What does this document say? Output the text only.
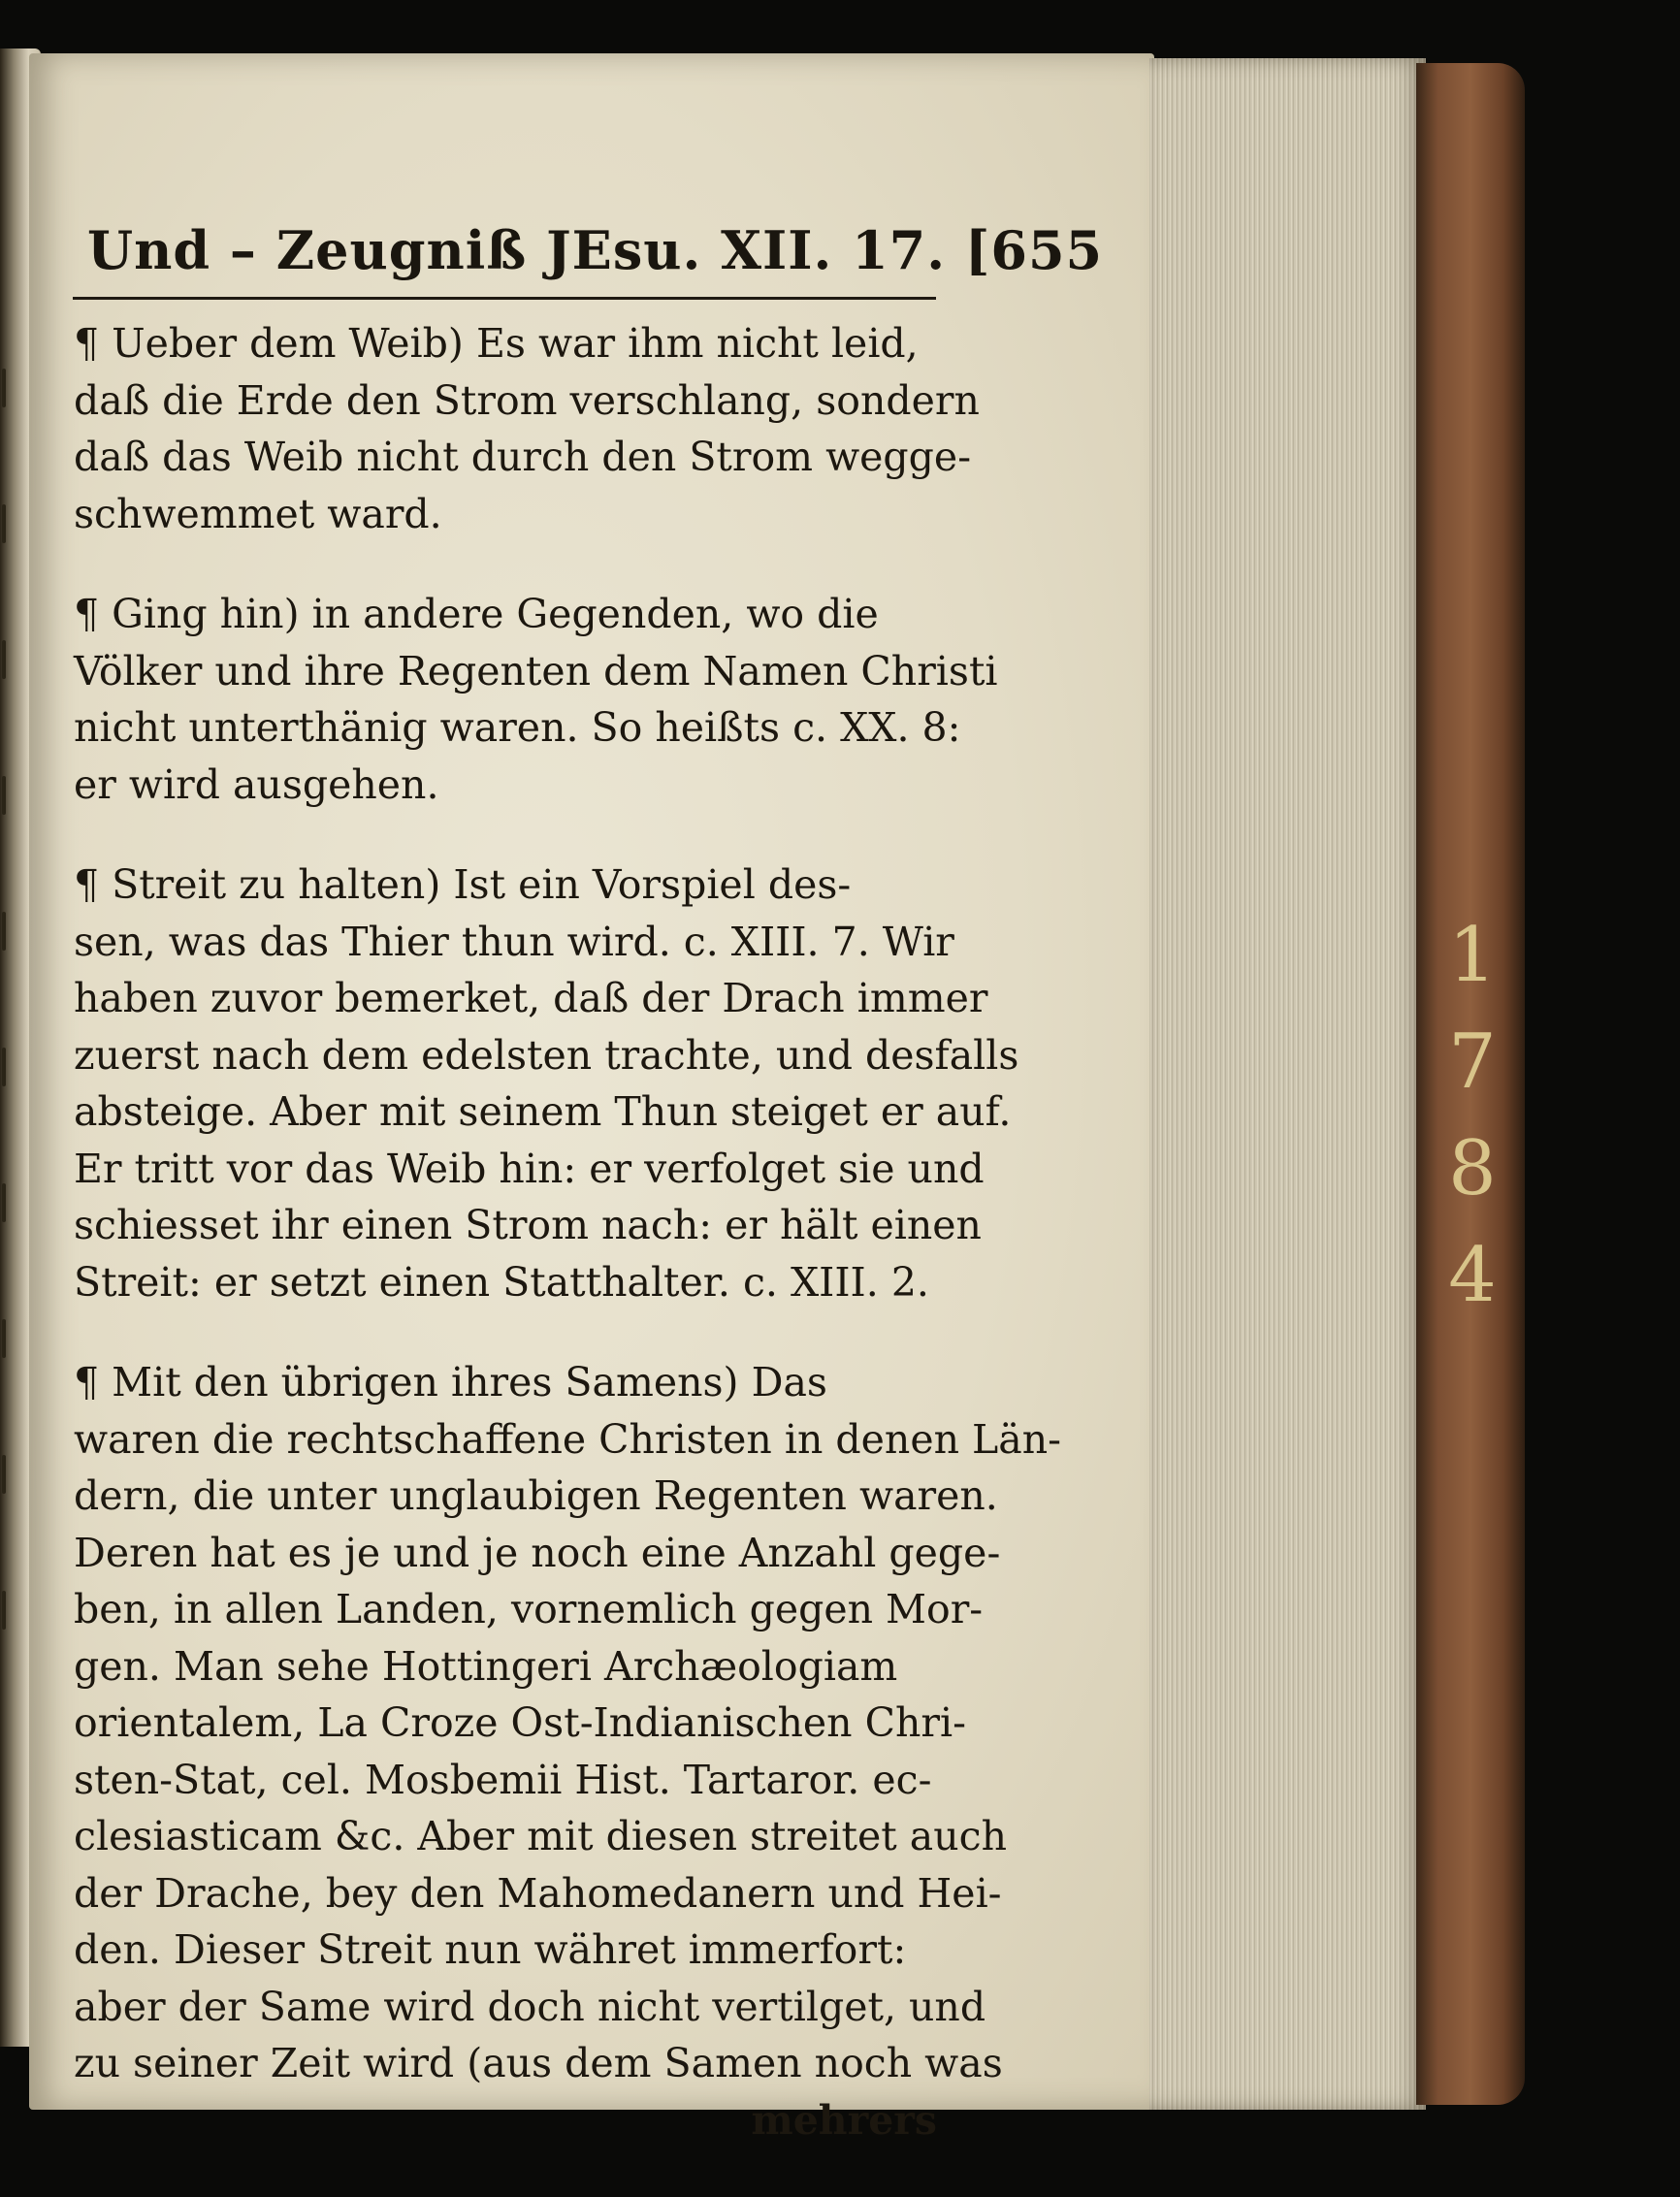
1
7
8
4
Und – Zeugniß JEsu. XII. 17. [655
¶ Ueber dem Weib) Es war ihm nicht leid,
daß die Erde den Strom verschlang, sondern
daß das Weib nicht durch den Strom wegge-
schwemmet ward.
¶ Ging hin) in andere Gegenden, wo die
Völker und ihre Regenten dem Namen Christi
nicht unterthänig waren. So heißts c. XX. 8:
er wird ausgehen.
¶ Streit zu halten) Ist ein Vorspiel des-
sen, was das Thier thun wird. c. XIII. 7. Wir
haben zuvor bemerket, daß der Drach immer
zuerst nach dem edelsten trachte, und desfalls
absteige. Aber mit seinem Thun steiget er auf.
Er tritt vor das Weib hin: er verfolget sie und
schiesset ihr einen Strom nach: er hält einen
Streit: er setzt einen Statthalter. c. XIII. 2.
¶ Mit den übrigen ihres Samens) Das
waren die rechtschaffene Christen in denen Län-
dern, die unter unglaubigen Regenten waren.
Deren hat es je und je noch eine Anzahl gege-
ben, in allen Landen, vornemlich gegen Mor-
gen. Man sehe Hottingeri Archæologiam
orientalem, La Croze Ost-Indianischen Chri-
sten-Stat, cel. Mosbemii Hist. Tartaror. ec-
clesiasticam &c. Aber mit diesen streitet auch
der Drache, bey den Mahomedanern und Hei-
den. Dieser Streit nun währet immerfort:
aber der Same wird doch nicht vertilget, und
zu seiner Zeit wird (aus dem Samen noch was
mehrers
